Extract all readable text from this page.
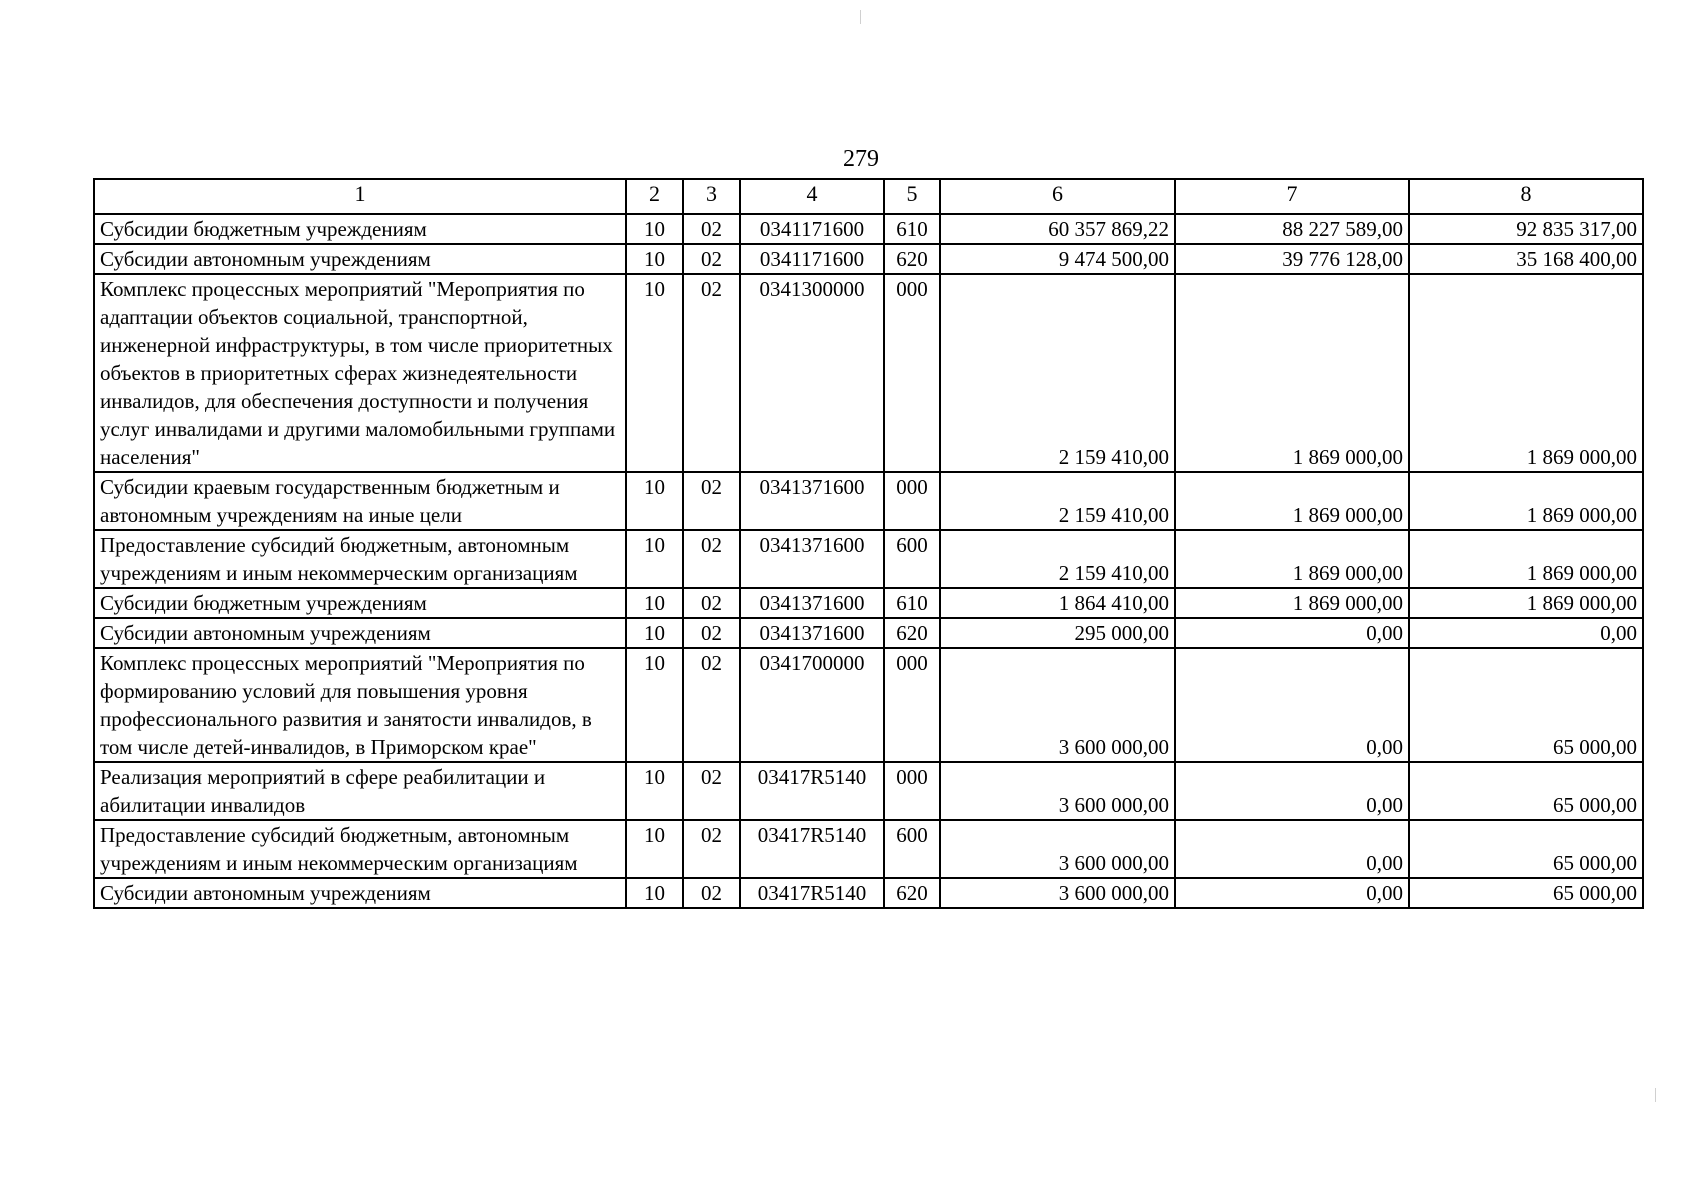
279
1	2	3	4	5	6	7	8
Субсидии бюджетным учреждениям	10	02	0341171600	610	60 357 869,22	88 227 589,00	92 835 317,00
Субсидии автономным учреждениям	10	02	0341171600	620	9 474 500,00	39 776 128,00	35 168 400,00
Комплекс процессных мероприятий "Мероприятия по адаптации объектов социальной, транспортной, инженерной инфраструктуры, в том числе приоритетных объектов в приоритетных сферах жизнедеятельности инвалидов, для обеспечения доступности и получения услуг инвалидами и другими маломобильными группами населения"	10	02	0341300000	000	2 159 410,00	1 869 000,00	1 869 000,00
Субсидии краевым государственным бюджетным и автономным учреждениям на иные цели	10	02	0341371600	000	2 159 410,00	1 869 000,00	1 869 000,00
Предоставление субсидий бюджетным, автономным учреждениям и иным некоммерческим организациям	10	02	0341371600	600	2 159 410,00	1 869 000,00	1 869 000,00
Субсидии бюджетным учреждениям	10	02	0341371600	610	1 864 410,00	1 869 000,00	1 869 000,00
Субсидии автономным учреждениям	10	02	0341371600	620	295 000,00	0,00	0,00
Комплекс процессных мероприятий "Мероприятия по формированию условий для повышения уровня профессионального развития и занятости инвалидов, в том числе детей-инвалидов, в Приморском крае"	10	02	0341700000	000	3 600 000,00	0,00	65 000,00
Реализация мероприятий в сфере реабилитации и абилитации инвалидов	10	02	03417R5140	000	3 600 000,00	0,00	65 000,00
Предоставление субсидий бюджетным, автономным учреждениям и иным некоммерческим организациям	10	02	03417R5140	600	3 600 000,00	0,00	65 000,00
Субсидии автономным учреждениям	10	02	03417R5140	620	3 600 000,00	0,00	65 000,00
